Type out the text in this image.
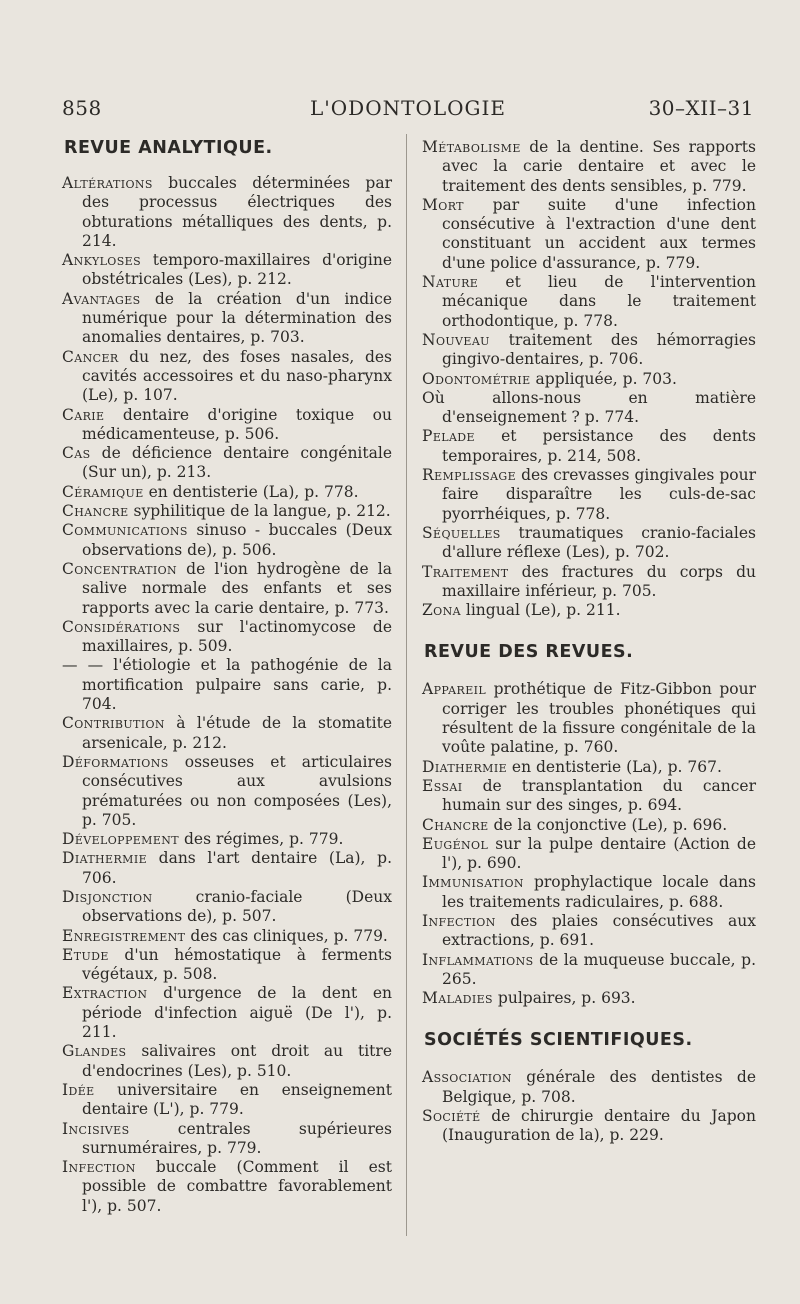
858	L'ODONTOLOGIE	30–XII–31
REVUE ANALYTIQUE.
Altérations buccales déterminées par des processus électriques des obturations métalliques des dents, p. 214.
Ankyloses temporo-maxillaires d'origine obstétricales (Les), p. 212.
Avantages de la création d'un indice numérique pour la détermination des anomalies dentaires, p. 703.
Cancer du nez, des foses nasales, des cavités accessoires et du naso-pharynx (Le), p. 107.
Carie dentaire d'origine toxique ou médicamenteuse, p. 506.
Cas de déficience dentaire congénitale (Sur un), p. 213.
Céramique en dentisterie (La), p. 778.
Chancre syphilitique de la langue, p. 212.
Communications sinuso - buccales (Deux observations de), p. 506.
Concentration de l'ion hydrogène de la salive normale des enfants et ses rapports avec la carie dentaire, p. 773.
Considérations sur l'actinomycose de maxillaires, p. 509.
— — l'étiologie et la pathogénie de la mortification pulpaire sans carie, p. 704.
Contribution à l'étude de la stomatite arsenicale, p. 212.
Déformations osseuses et articulaires consécutives aux avulsions prématurées ou non composées (Les), p. 705.
Développement des régimes, p. 779.
Diathermie dans l'art dentaire (La), p. 706.
Disjonction cranio-faciale (Deux observations de), p. 507.
Enregistrement des cas cliniques, p. 779.
Etude d'un hémostatique à ferments végétaux, p. 508.
Extraction d'urgence de la dent en période d'infection aiguë (De l'), p. 211.
Glandes salivaires ont droit au titre d'endocrines (Les), p. 510.
Idée universitaire en enseignement dentaire (L'), p. 779.
Incisives centrales supérieures surnuméraires, p. 779.
Infection buccale (Comment il est possible de combattre favorablement l'), p. 507.
Métabolisme de la dentine. Ses rapports avec la carie dentaire et avec le traitement des dents sensibles, p. 779.
Mort par suite d'une infection consécutive à l'extraction d'une dent constituant un accident aux termes d'une police d'assurance, p. 779.
Nature et lieu de l'intervention mécanique dans le traitement orthodontique, p. 778.
Nouveau traitement des hémorragies gingivo-dentaires, p. 706.
Odontométrie appliquée, p. 703.
Où allons-nous en matière d'enseignement ? p. 774.
Pelade et persistance des dents temporaires, p. 214, 508.
Remplissage des crevasses gingivales pour faire disparaître les culs-de-sac pyorrhéiques, p. 778.
Séquelles traumatiques cranio-faciales d'allure réflexe (Les), p. 702.
Traitement des fractures du corps du maxillaire inférieur, p. 705.
Zona lingual (Le), p. 211.
REVUE DES REVUES.
Appareil prothétique de Fitz-Gibbon pour corriger les troubles phonétiques qui résultent de la fissure congénitale de la voûte palatine, p. 760.
Diathermie en dentisterie (La), p. 767.
Essai de transplantation du cancer humain sur des singes, p. 694.
Chancre de la conjonctive (Le), p. 696.
Eugénol sur la pulpe dentaire (Action de l'), p. 690.
Immunisation prophylactique locale dans les traitements radiculaires, p. 688.
Infection des plaies consécutives aux extractions, p. 691.
Inflammations de la muqueuse buccale, p. 265.
Maladies pulpaires, p. 693.
SOCIÉTÉS SCIENTIFIQUES.
Association générale des dentistes de Belgique, p. 708.
Société de chirurgie dentaire du Japon (Inauguration de la), p. 229.
